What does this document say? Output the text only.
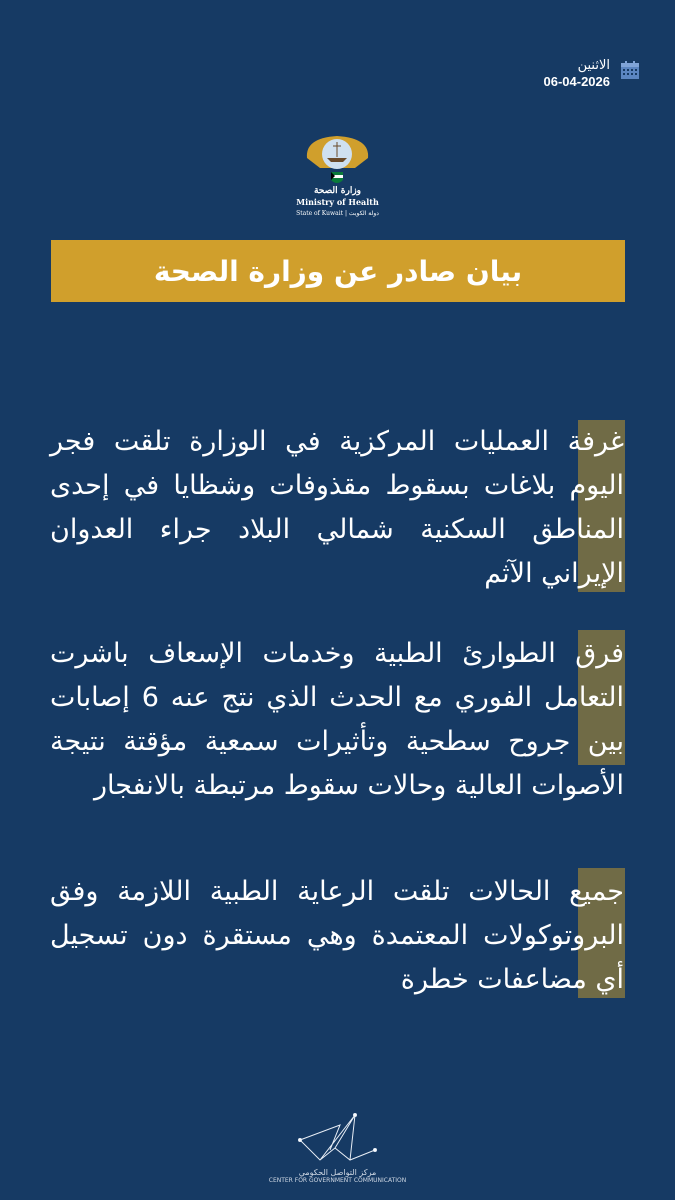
الاثنين
06-04-2026
وزارة الصحة
Ministry of Health
State of Kuwait | دولة الكويت
بيان صادر عن وزارة الصحة
غرفة العمليات المركزية في الوزارة تلقت فجر اليوم بلاغات بسقوط مقذوفات وشظايا في إحدى المناطق السكنية شمالي البلاد جراء العدوان الإيراني الآثم
فرق الطوارئ الطبية وخدمات الإسعاف باشرت التعامل الفوري مع الحدث الذي نتج عنه 6 إصابات بين جروح سطحية وتأثيرات سمعية مؤقتة نتيجة الأصوات العالية وحالات سقوط مرتبطة بالانفجار
جميع الحالات تلقت الرعاية الطبية اللازمة وفق البروتوكولات المعتمدة وهي مستقرة دون تسجيل أي مضاعفات خطرة
مركز التواصل الحكومي
CENTER FOR GOVERNMENT COMMUNICATION
